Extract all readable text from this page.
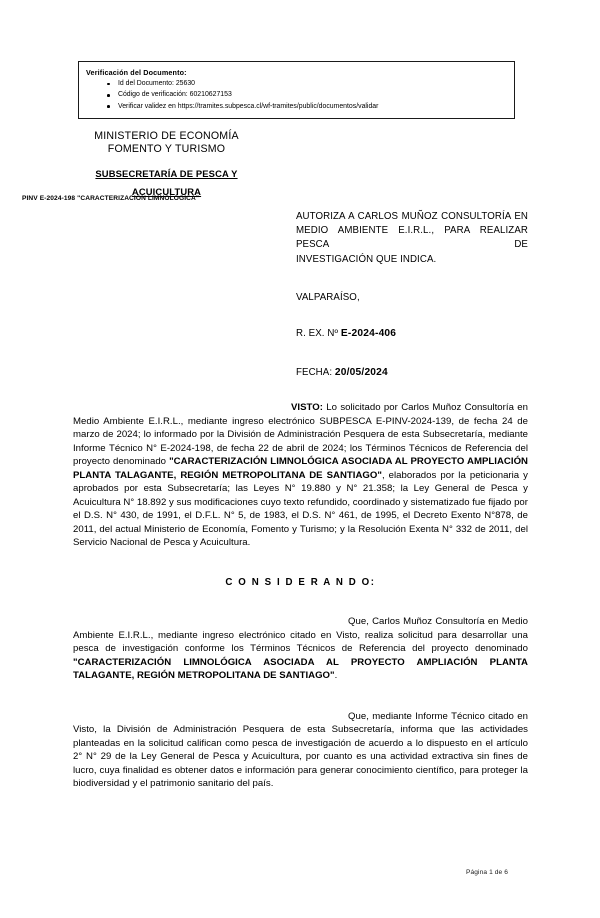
Verificación del Documento:
Id del Documento: 25630
Código de verificación: 60210627153
Verificar validez en https://tramites.subpesca.cl/wf-tramites/public/documentos/validar
MINISTERIO DE ECONOMÍA
FOMENTO Y TURISMO
SUBSECRETARÍA DE PESCA Y
ACUICULTURA
PINV E-2024-198 "CARACTERIZACIÓN LIMNOLÓGICA"
AUTORIZA A CARLOS MUÑOZ CONSULTORÍA EN MEDIO AMBIENTE E.I.R.L., PARA REALIZAR PESCA DE
INVESTIGACIÓN QUE INDICA.
VALPARAÍSO,
R. EX. Nº E-2024-406
FECHA: 20/05/2024

VISTO: Lo solicitado por Carlos Muñoz Consultoría en Medio Ambiente E.I.R.L., mediante ingreso electrónico SUBPESCA E-PINV-2024-139, de fecha 24 de marzo de 2024; lo informado por la División de Administración Pesquera de esta Subsecretaría, mediante Informe Técnico N° E-2024-198, de fecha 22 de abril de 2024; los Términos Técnicos de Referencia del proyecto denominado "CARACTERIZACIÓN LIMNOLÓGICA ASOCIADA AL PROYECTO AMPLIACIÓN PLANTA TALAGANTE, REGIÓN METROPOLITANA DE SANTIAGO", elaborados por la peticionaria y aprobados por esta Subsecretaría; las Leyes N° 19.880 y N° 21.358; la Ley General de Pesca y Acuicultura N° 18.892 y sus modificaciones cuyo texto refundido, coordinado y sistematizado fue fijado por el D.S. N° 430, de 1991, el D.F.L. N° 5, de 1983, el D.S. N° 461, de 1995, el Decreto Exento N°878, de 2011, del actual Ministerio de Economía, Fomento y Turismo; y la Resolución Exenta N° 332 de 2011, del Servicio Nacional de Pesca y Acuicultura.

C O N S I D E R A N D O:

Que, Carlos Muñoz Consultoría en Medio Ambiente E.I.R.L., mediante ingreso electrónico citado en Visto, realiza solicitud para desarrollar una pesca de investigación conforme los Términos Técnicos de Referencia del proyecto denominado "CARACTERIZACIÓN LIMNOLÓGICA ASOCIADA AL PROYECTO AMPLIACIÓN PLANTA TALAGANTE, REGIÓN METROPOLITANA DE SANTIAGO".

Que, mediante Informe Técnico citado en Visto, la División de Administración Pesquera de esta Subsecretaría, informa que las actividades planteadas en la solicitud califican como pesca de investigación de acuerdo a lo dispuesto en el artículo 2° N° 29 de la Ley General de Pesca y Acuicultura, por cuanto es una actividad extractiva sin fines de lucro, cuya finalidad es obtener datos e información para generar conocimiento científico, para proteger la biodiversidad y el patrimonio sanitario del país.

Página 1 de 6
